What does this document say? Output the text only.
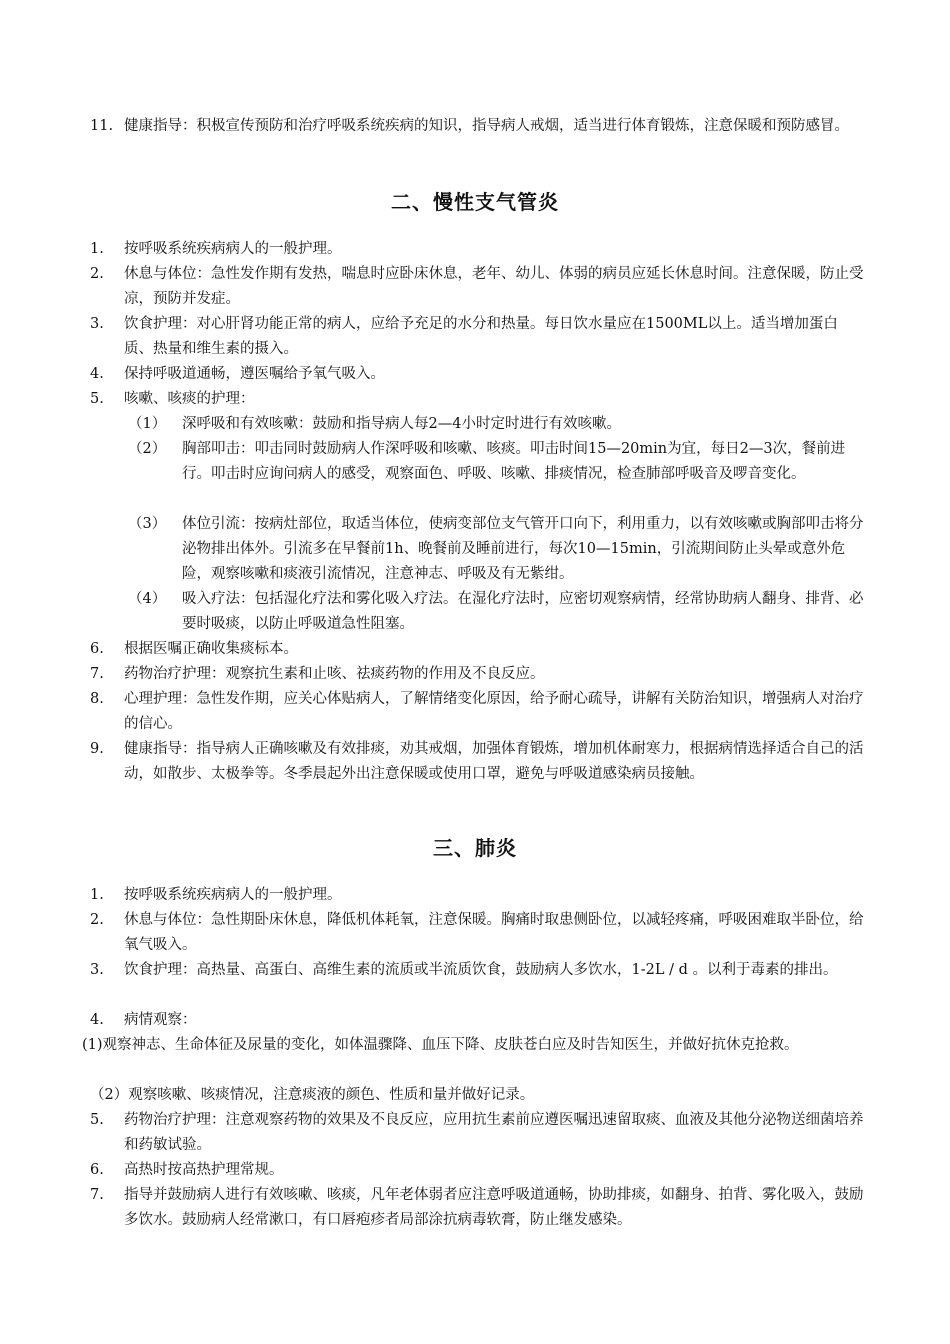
11. 健康指导：积极宣传预防和治疗呼吸系统疾病的知识，指导病人戒烟，适当进行体育锻炼，注意保暖和预防感冒。
二、慢性支气管炎
1. 按呼吸系统疾病病人的一般护理。
2. 休息与体位：急性发作期有发热，喘息时应卧床休息，老年、幼儿、体弱的病员应延长休息时间。注意保暖，防止受凉，预防并发症。
3. 饮食护理：对心肝肾功能正常的病人，应给予充足的水分和热量。每日饮水量应在1500ML以上。适当增加蛋白质、热量和维生素的摄入。
4. 保持呼吸道通畅，遵医嘱给予氧气吸入。
5. 咳嗽、咳痰的护理：
（1） 深呼吸和有效咳嗽：鼓励和指导病人每2—4小时定时进行有效咳嗽。
（2） 胸部叩击：叩击同时鼓励病人作深呼吸和咳嗽、咳痰。叩击时间15—20min为宜，每日2—3次，餐前进行。叩击时应询问病人的感受，观察面色、呼吸、咳嗽、排痰情况，检查肺部呼吸音及啰音变化。
（3） 体位引流：按病灶部位，取适当体位，使病变部位支气管开口向下，利用重力，以有效咳嗽或胸部叩击将分泌物排出体外。引流多在早餐前1h、晚餐前及睡前进行，每次10—15min，引流期间防止头晕或意外危险，观察咳嗽和痰液引流情况，注意神志、呼吸及有无紫绀。
（4） 吸入疗法：包括湿化疗法和雾化吸入疗法。在湿化疗法时，应密切观察病情，经常协助病人翻身、排背、必要时吸痰，以防止呼吸道急性阻塞。
6. 根据医嘱正确收集痰标本。
7. 药物治疗护理：观察抗生素和止咳、祛痰药物的作用及不良反应。
8. 心理护理：急性发作期，应关心体贴病人，了解情绪变化原因，给予耐心疏导，讲解有关防治知识，增强病人对治疗的信心。
9. 健康指导：指导病人正确咳嗽及有效排痰，劝其戒烟，加强体育锻炼，增加机体耐寒力，根据病情选择适合自己的活动，如散步、太极拳等。冬季晨起外出注意保暖或使用口罩，避免与呼吸道感染病员接触。
三、肺炎
1. 按呼吸系统疾病病人的一般护理。
2. 休息与体位：急性期卧床休息，降低机体耗氧，注意保暖。胸痛时取患侧卧位，以减轻疼痛，呼吸困难取半卧位，给氧气吸入。
3. 饮食护理：高热量、高蛋白、高维生素的流质或半流质饮食，鼓励病人多饮水，1-2L / d 。以利于毒素的排出。
4. 病情观察：
(1)观察神志、生命体征及尿量的变化，如体温骤降、血压下降、皮肤苍白应及时告知医生，并做好抗休克抢救。
（2）观察咳嗽、咳痰情况，注意痰液的颜色、性质和量并做好记录。
5. 药物治疗护理：注意观察药物的效果及不良反应，应用抗生素前应遵医嘱迅速留取痰、血液及其他分泌物送细菌培养和药敏试验。
6. 高热时按高热护理常规。
7. 指导并鼓励病人进行有效咳嗽、咳痰，凡年老体弱者应注意呼吸道通畅，协助排痰，如翻身、拍背、雾化吸入，鼓励多饮水。鼓励病人经常漱口，有口唇疱疹者局部涂抗病毒软膏，防止继发感染。
